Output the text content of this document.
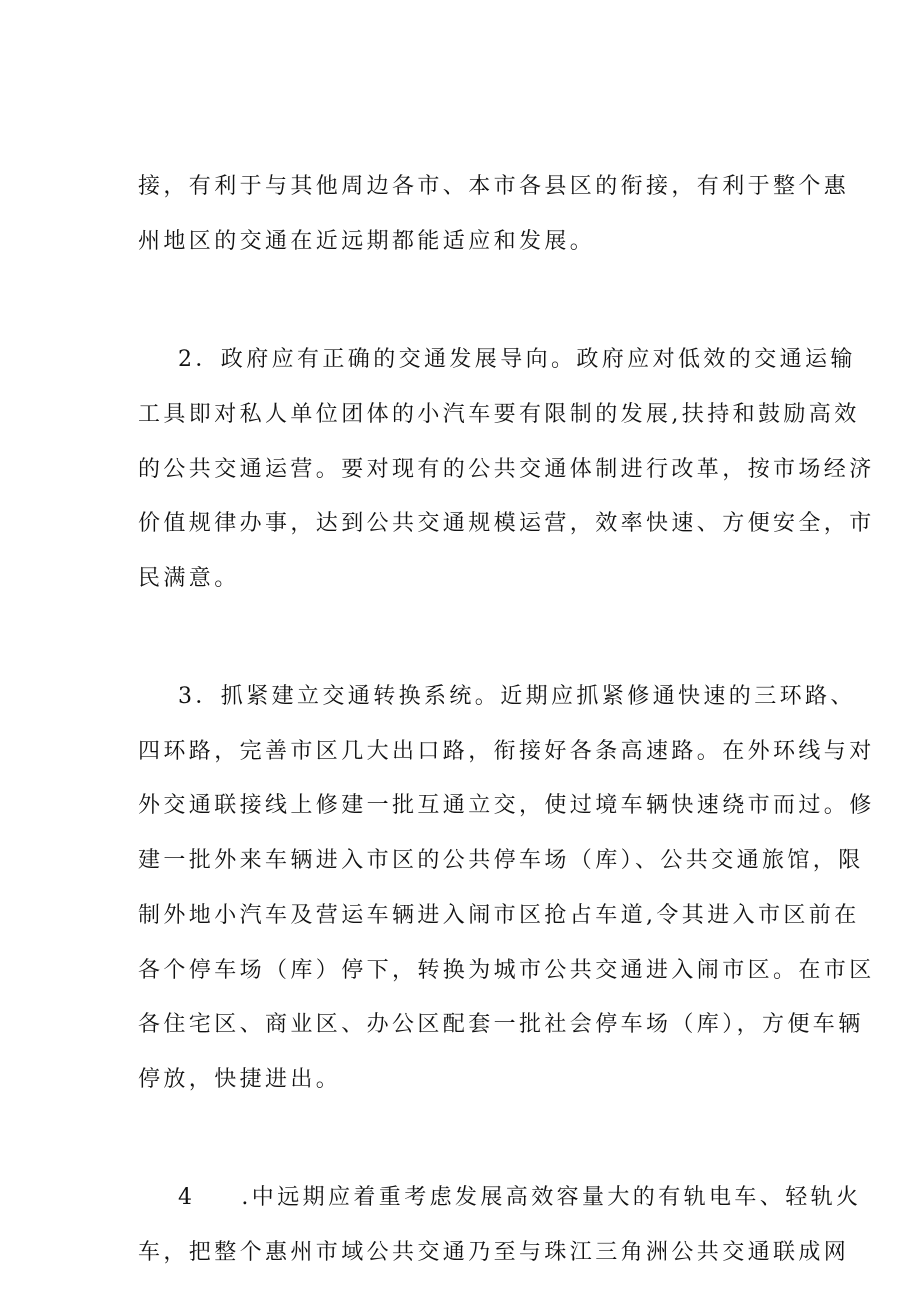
接，有利于与其他周边各市、本市各县区的衔接，有利于整个惠
州地区的交通在近远期都能适应和发展。
2．政府应有正确的交通发展导向。政府应对低效的交通运输
工具即对私人单位团体的小汽车要有限制的发展,扶持和鼓励高效
的公共交通运营。要对现有的公共交通体制进行改革，按市场经济
价值规律办事，达到公共交通规模运营，效率快速、方便安全，市
民满意。
3．抓紧建立交通转换系统。近期应抓紧修通快速的三环路、
四环路，完善市区几大出口路，衔接好各条高速路。在外环线与对
外交通联接线上修建一批互通立交，使过境车辆快速绕市而过。修
建一批外来车辆进入市区的公共停车场（库）、公共交通旅馆，限
制外地小汽车及营运车辆进入闹市区抢占车道,令其进入市区前在
各个停车场（库）停下，转换为城市公共交通进入闹市区。在市区
各住宅区、商业区、办公区配套一批社会停车场（库），方便车辆
停放，快捷进出。
4 .中远期应着重考虑发展高效容量大的有轨电车、轻轨火
车，把整个惠州市域公共交通乃至与珠江三角洲公共交通联成网
